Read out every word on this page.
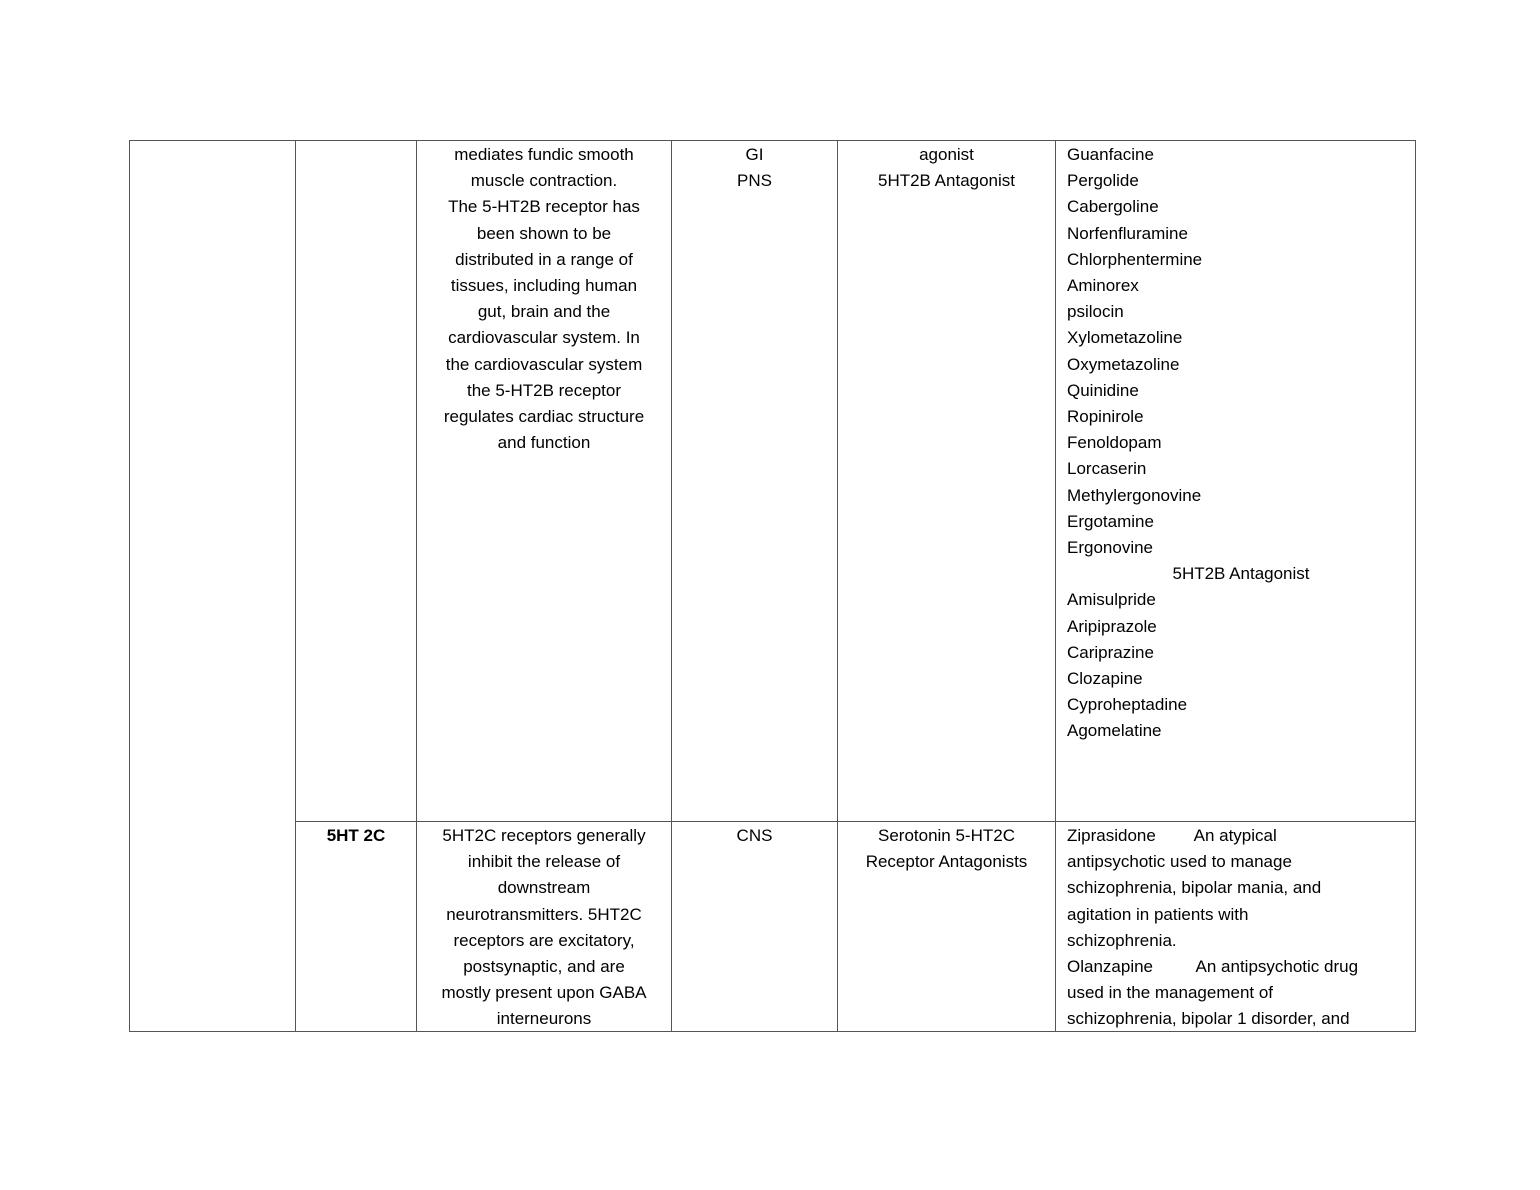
mediates fundic smooth
muscle contraction.
The 5-HT2B receptor has
been shown to be
distributed in a range of
tissues, including human
gut, brain and the
cardiovascular system. In
the cardiovascular system
the 5-HT2B receptor
regulates cardiac structure
and function
GI
PNS
agonist
5HT2B Antagonist
Guanfacine
Pergolide
Cabergoline
Norfenfluramine
Chlorphentermine
Aminorex
psilocin
Xylometazoline
Oxymetazoline
Quinidine
Ropinirole
Fenoldopam
Lorcaserin
Methylergonovine
Ergotamine
Ergonovine
5HT2B Antagonist
Amisulpride
Aripiprazole
Cariprazine
Clozapine
Cyproheptadine
Agomelatine
5HT 2C	5HT2C receptors generally
inhibit the release of
downstream
neurotransmitters. 5HT2C
receptors are excitatory,
postsynaptic, and are
mostly present upon GABA
interneurons
CNS	Serotonin 5-HT2C
Receptor Antagonists
Ziprasidone        An atypical
antipsychotic used to manage
schizophrenia, bipolar mania, and
agitation in patients with
schizophrenia.
Olanzapine         An antipsychotic drug
used in the management of
schizophrenia, bipolar 1 disorder, and
